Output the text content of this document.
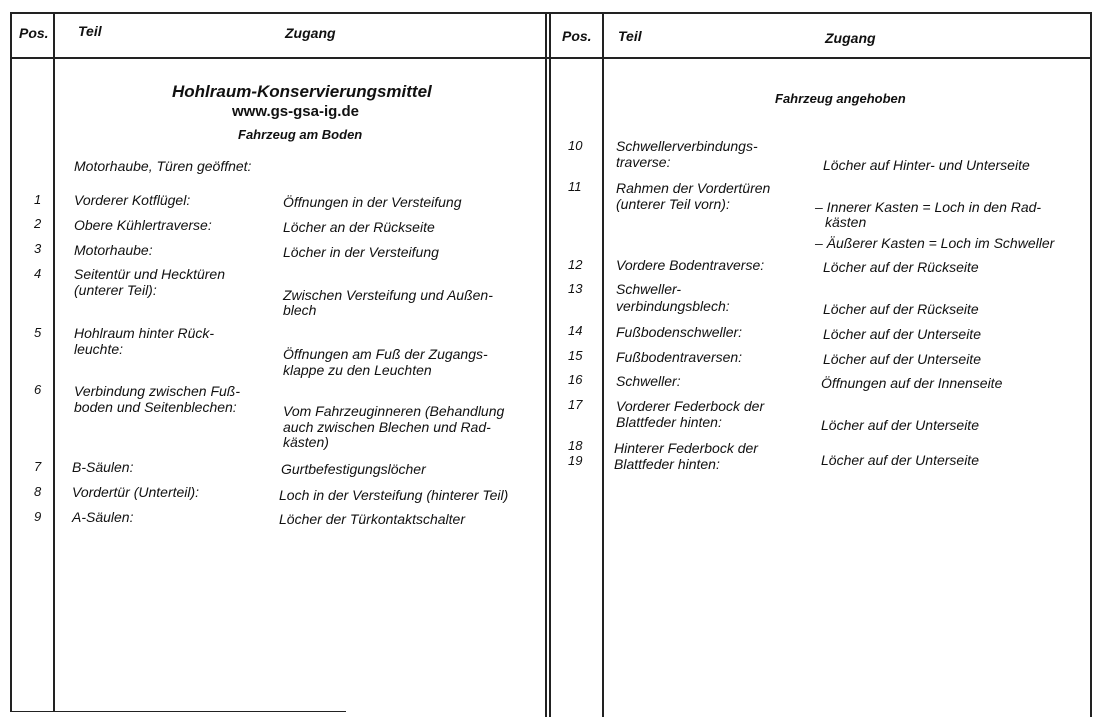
Pos. Teil	Zugang	Pos. Teil	Zugang
Hohlraum-Konservierungsmittel
www.gs-gsa-ig.de
Fahrzeug am Boden
Motorhaube, Türen geöffnet:
Fahrzeug angehoben
1 Vorderer Kotflügel:	Öffnungen in der Versteifung
2 Obere Kühlertraverse:	Löcher an der Rückseite
3 Motorhaube:	Löcher in der Versteifung
4 Seitentür und Hecktüren
(unterer Teil):	Zwischen Versteifung und Außen-
blech
5 Hohlraum hinter Rück-
leuchte:	Öffnungen am Fuß der Zugangs-
klappe zu den Leuchten
6 Verbindung zwischen Fuß-
boden und Seitenblechen:	Vom Fahrzeuginneren (Behandlung
auch zwischen Blechen und Rad-
kästen)
7 B-Säulen:	Gurtbefestigungslöcher
8 Vordertür (Unterteil):	Loch in der Versteifung (hinterer Teil)
9 A-Säulen:	Löcher der Türkontaktschalter
10 Schwellerverbindungs-
traverse:	Löcher auf Hinter- und Unterseite
11 Rahmen der Vordertüren
(unterer Teil vorn):	– Innerer Kasten = Loch in den Rad-
kästen
– Äußerer Kasten = Loch im Schweller
12 Vordere Bodentraverse:	Löcher auf der Rückseite
13 Schweller-
verbindungsblech:	Löcher auf der Rückseite
14 Fußbodenschweller:	Löcher auf der Unterseite
15 Fußbodentraversen:	Löcher auf der Unterseite
16 Schweller:	Öffnungen auf der Innenseite
17 Vorderer Federbock der
Blattfeder hinten:	Löcher auf der Unterseite
18
19
Hinterer Federbock der
Blattfeder hinten:	Löcher auf der Unterseite
